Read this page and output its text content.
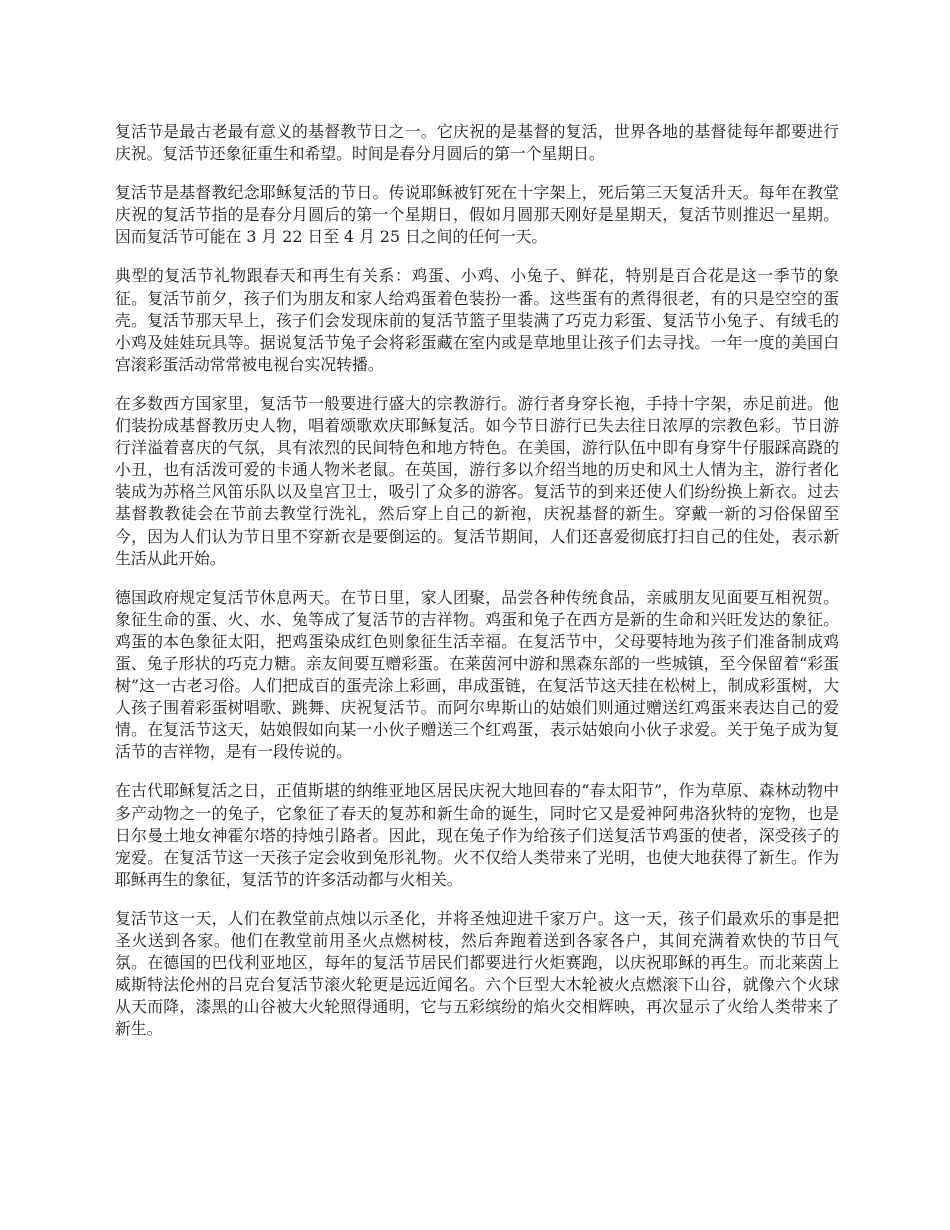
复活节是最古老最有意义的基督教节日之一。它庆祝的是基督的复活，世界各地的基督徒每年都要进行庆祝。复活节还象征重生和希望。时间是春分月圆后的第一个星期日。

复活节是基督教纪念耶稣复活的节日。传说耶稣被钉死在十字架上，死后第三天复活升天。每年在教堂庆祝的复活节指的是春分月圆后的第一个星期日，假如月圆那天刚好是星期天，复活节则推迟一星期。因而复活节可能在 3 月 22 日至 4 月 25 日之间的任何一天。

典型的复活节礼物跟春天和再生有关系：鸡蛋、小鸡、小兔子、鲜花，特别是百合花是这一季节的象征。复活节前夕，孩子们为朋友和家人给鸡蛋着色装扮一番。这些蛋有的煮得很老，有的只是空空的蛋壳。复活节那天早上，孩子们会发现床前的复活节篮子里装满了巧克力彩蛋、复活节小兔子、有绒毛的小鸡及娃娃玩具等。据说复活节兔子会将彩蛋藏在室内或是草地里让孩子们去寻找。一年一度的美国白宫滚彩蛋活动常常被电视台实况转播。

在多数西方国家里，复活节一般要进行盛大的宗教游行。游行者身穿长袍，手持十字架，赤足前进。他们装扮成基督教历史人物，唱着颂歌欢庆耶稣复活。如今节日游行已失去往日浓厚的宗教色彩。节日游行洋溢着喜庆的气氛，具有浓烈的民间特色和地方特色。在美国，游行队伍中即有身穿牛仔服踩高跷的小丑，也有活泼可爱的卡通人物米老鼠。在英国，游行多以介绍当地的历史和风土人情为主，游行者化装成为苏格兰风笛乐队以及皇宫卫士，吸引了众多的游客。复活节的到来还使人们纷纷换上新衣。过去基督教教徒会在节前去教堂行洗礼，然后穿上自己的新袍，庆祝基督的新生。穿戴一新的习俗保留至今，因为人们认为节日里不穿新衣是要倒运的。复活节期间，人们还喜爱彻底打扫自己的住处，表示新生活从此开始。

德国政府规定复活节休息两天。在节日里，家人团聚，品尝各种传统食品，亲戚朋友见面要互相祝贺。象征生命的蛋、火、水、兔等成了复活节的吉祥物。鸡蛋和兔子在西方是新的生命和兴旺发达的象征。鸡蛋的本色象征太阳，把鸡蛋染成红色则象征生活幸福。在复活节中，父母要特地为孩子们准备制成鸡蛋、兔子形状的巧克力糖。亲友间要互赠彩蛋。在莱茵河中游和黑森东部的一些城镇，至今保留着“彩蛋树”这一古老习俗。人们把成百的蛋壳涂上彩画，串成蛋链，在复活节这天挂在松树上，制成彩蛋树，大人孩子围着彩蛋树唱歌、跳舞、庆祝复活节。而阿尔卑斯山的姑娘们则通过赠送红鸡蛋来表达自己的爱情。在复活节这天，姑娘假如向某一小伙子赠送三个红鸡蛋，表示姑娘向小伙子求爱。关于兔子成为复活节的吉祥物，是有一段传说的。

在古代耶稣复活之日，正值斯堪的纳维亚地区居民庆祝大地回春的“春太阳节”，作为草原、森林动物中多产动物之一的兔子，它象征了春天的复苏和新生命的诞生，同时它又是爱神阿弗洛狄特的宠物，也是日尔曼土地女神霍尔塔的持烛引路者。因此，现在兔子作为给孩子们送复活节鸡蛋的使者，深受孩子的宠爱。在复活节这一天孩子定会收到兔形礼物。火不仅给人类带来了光明，也使大地获得了新生。作为耶稣再生的象征，复活节的许多活动都与火相关。

复活节这一天，人们在教堂前点烛以示圣化，并将圣烛迎进千家万户。这一天，孩子们最欢乐的事是把圣火送到各家。他们在教堂前用圣火点燃树枝，然后奔跑着送到各家各户，其间充满着欢快的节日气氛。在德国的巴伐利亚地区，每年的复活节居民们都要进行火炬赛跑，以庆祝耶稣的再生。而北莱茵上威斯特法伦州的吕克台复活节滚火轮更是远近闻名。六个巨型大木轮被火点燃滚下山谷，就像六个火球从天而降，漆黑的山谷被大火轮照得通明，它与五彩缤纷的焰火交相辉映，再次显示了火给人类带来了新生。
